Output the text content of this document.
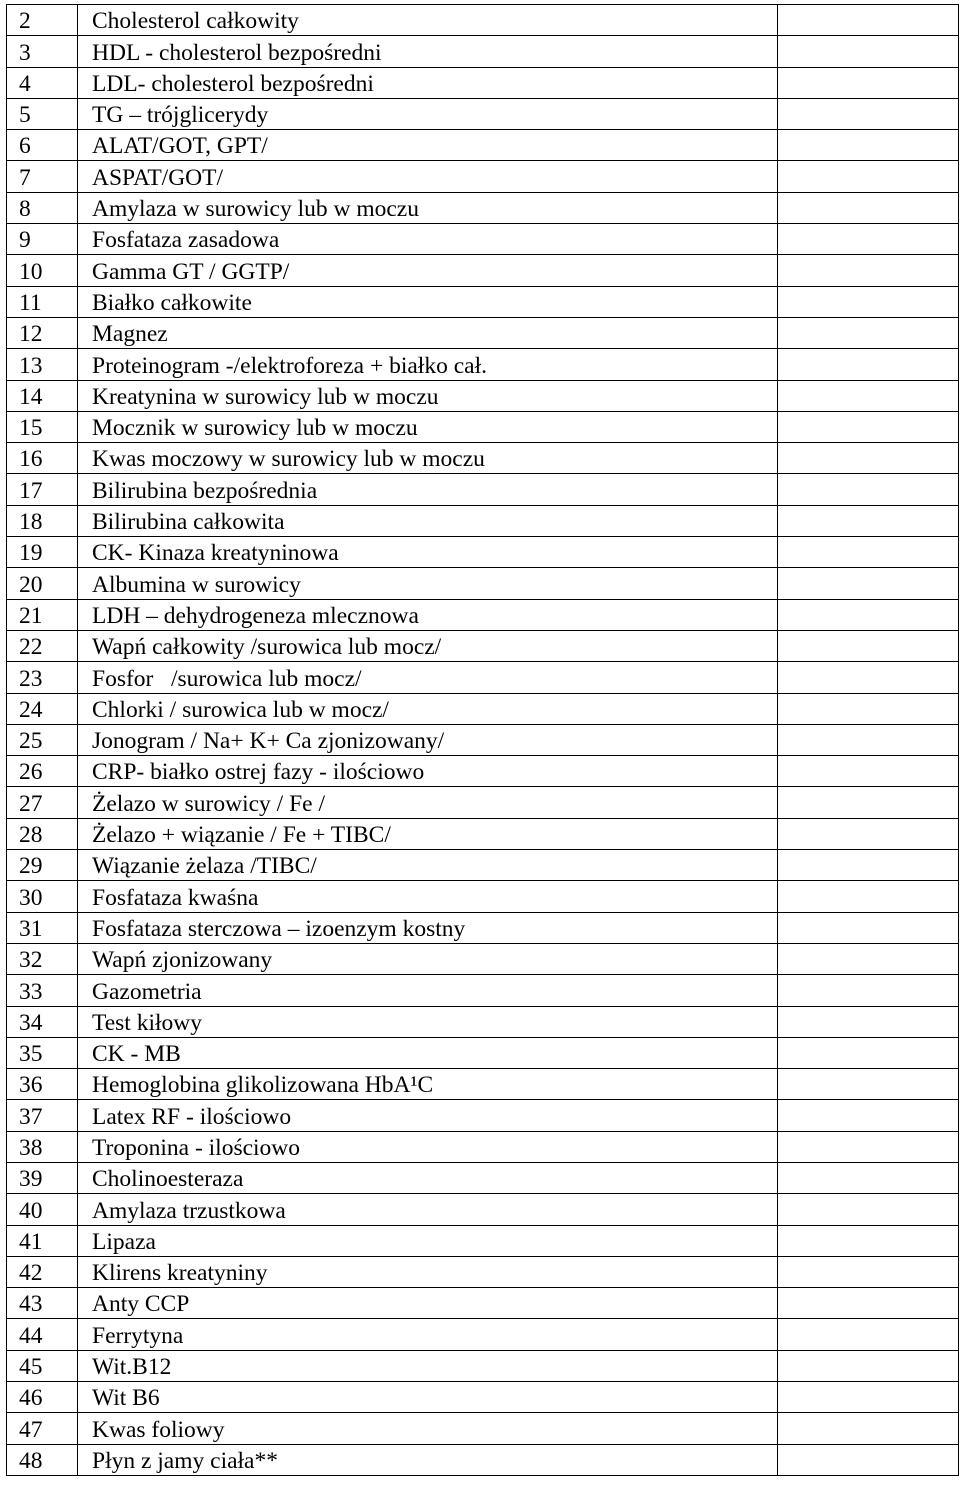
2	Cholesterol całkowity	
3	HDL - cholesterol bezpośredni	
4	LDL- cholesterol bezpośredni	
5	TG – trójglicerydy	
6	ALAT/GOT, GPT/	
7	ASPAT/GOT/	
8	Amylaza w surowicy lub w moczu	
9	Fosfataza zasadowa	
10	Gamma GT / GGTP/	
11	Białko całkowite	
12	Magnez	
13	Proteinogram -/elektroforeza + białko cał.	
14	Kreatynina w surowicy lub w moczu	
15	Mocznik w surowicy lub w moczu	
16	Kwas moczowy w surowicy lub w moczu	
17	Bilirubina bezpośrednia	
18	Bilirubina całkowita	
19	CK- Kinaza kreatyninowa	
20	Albumina w surowicy	
21	LDH – dehydrogeneza mlecznowa	
22	Wapń całkowity /surowica lub mocz/	
23	Fosfor   /surowica lub mocz/	
24	Chlorki / surowica lub w mocz/	
25	Jonogram / Na+ K+ Ca zjonizowany/	
26	CRP- białko ostrej fazy - ilościowo	
27	Żelazo w surowicy / Fe /	
28	Żelazo + wiązanie / Fe + TIBC/	
29	Wiązanie żelaza /TIBC/	
30	Fosfataza kwaśna	
31	Fosfataza sterczowa – izoenzym kostny	
32	Wapń zjonizowany	
33	Gazometria	
34	Test kiłowy	
35	CK - MB	
36	Hemoglobina glikolizowana HbA¹C	
37	Latex RF - ilościowo	
38	Troponina - ilościowo	
39	Cholinoesteraza	
40	Amylaza trzustkowa	
41	Lipaza	
42	Klirens kreatyniny	
43	Anty CCP	
44	Ferrytyna	
45	Wit.B12	
46	Wit B6	
47	Kwas foliowy	
48	Płyn z jamy ciała**	
